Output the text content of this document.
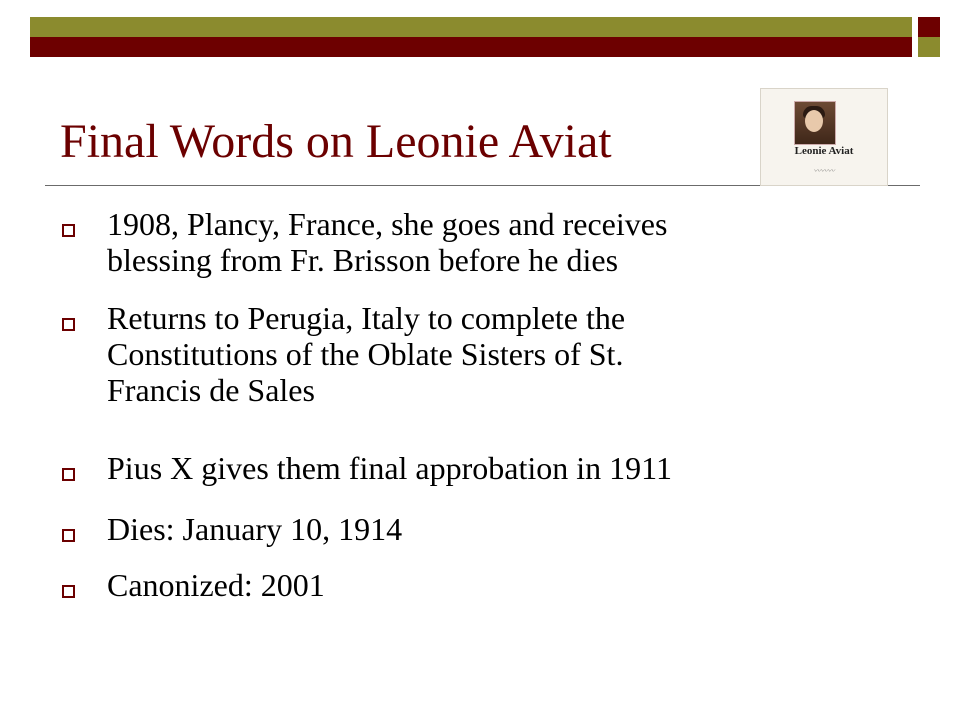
Final Words on Leonie Aviat	Leonie Aviat
〰〰〰
1908, Plancy, France, she goes and receives
blessing from Fr. Brisson before he dies
Returns to Perugia, Italy to complete the
Constitutions of the Oblate Sisters of St.
Francis de Sales
Pius X gives them final approbation in 1911
Dies: January 10, 1914
Canonized: 2001
